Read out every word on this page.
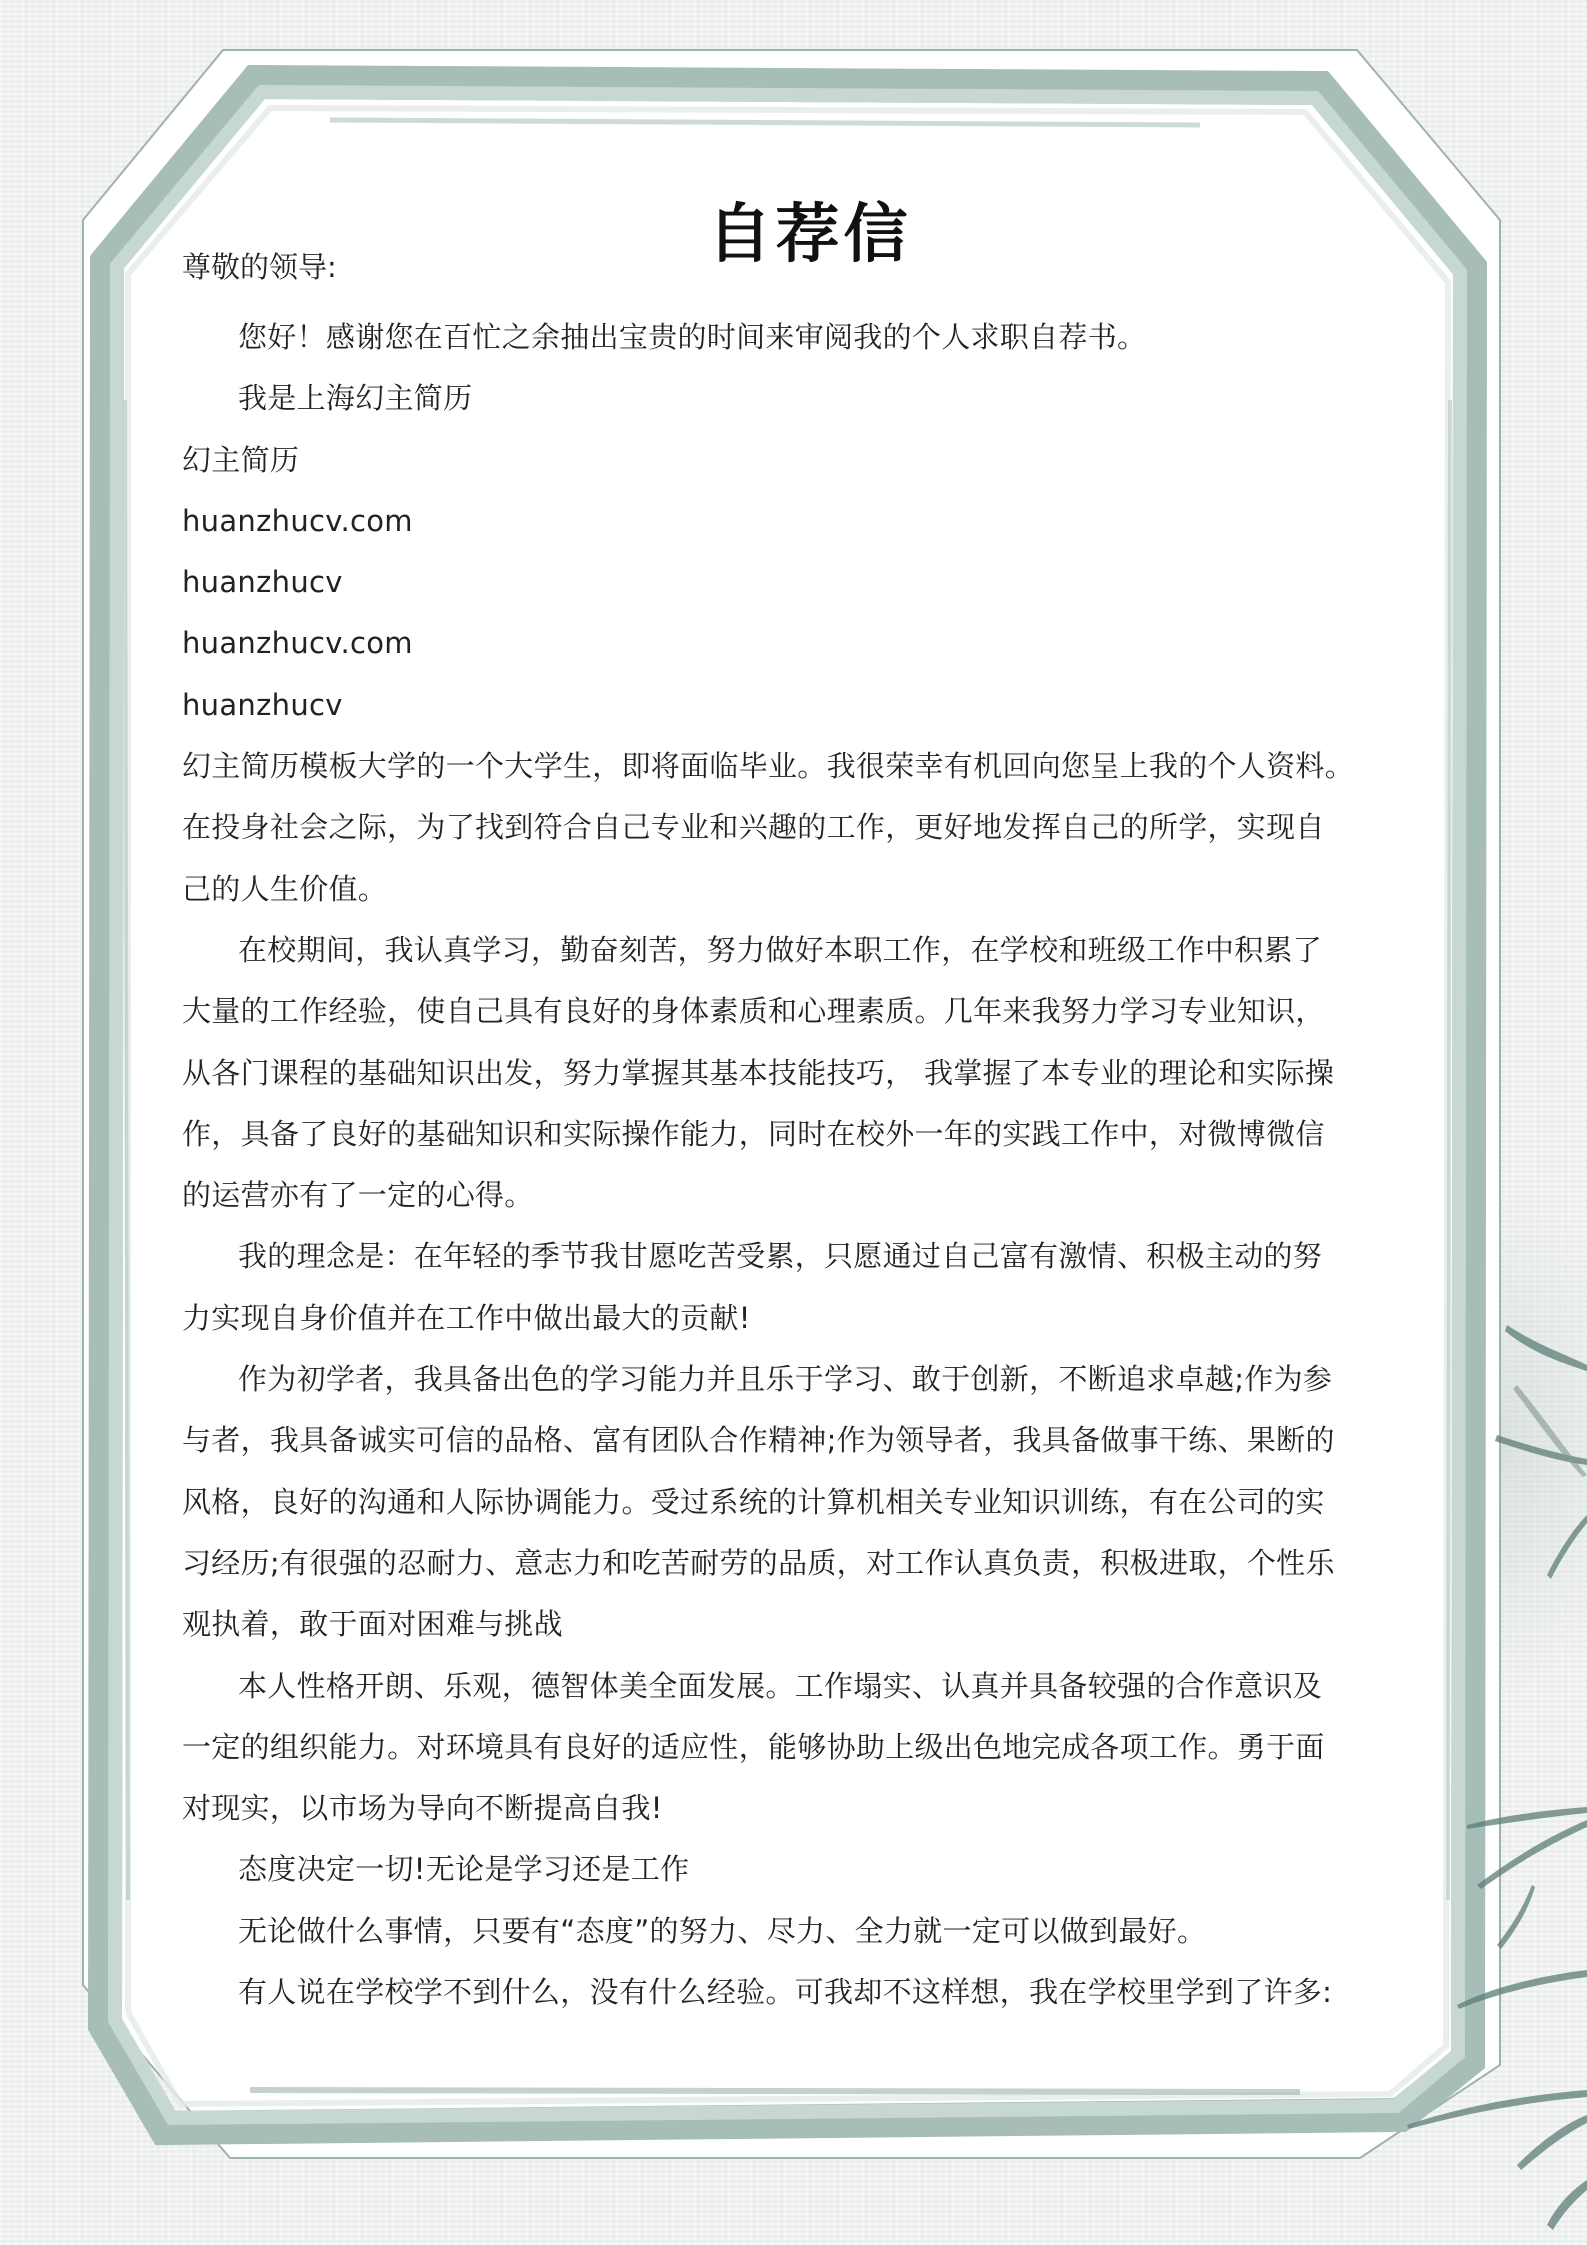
自荐信
尊敬的领导:
您好！感谢您在百忙之余抽出宝贵的时间来审阅我的个人求职自荐书。
我是上海幻主简历
幻主简历
huanzhucv.com
huanzhucv
huanzhucv.com
huanzhucv
幻主简历模板大学的一个大学生，即将面临毕业。我很荣幸有机回向您呈上我的个人资料。
在投身社会之际，为了找到符合自己专业和兴趣的工作，更好地发挥自己的所学，实现自
己的人生价值。
在校期间，我认真学习，勤奋刻苦，努力做好本职工作，在学校和班级工作中积累了
大量的工作经验，使自己具有良好的身体素质和心理素质。几年来我努力学习专业知识，
从各门课程的基础知识出发，努力掌握其基本技能技巧， 我掌握了本专业的理论和实际操
作，具备了良好的基础知识和实际操作能力，同时在校外一年的实践工作中，对微博微信
的运营亦有了一定的心得。
我的理念是：在年轻的季节我甘愿吃苦受累，只愿通过自己富有激情、积极主动的努
力实现自身价值并在工作中做出最大的贡献!
作为初学者，我具备出色的学习能力并且乐于学习、敢于创新，不断追求卓越;作为参
与者，我具备诚实可信的品格、富有团队合作精神;作为领导者，我具备做事干练、果断的
风格，良好的沟通和人际协调能力。受过系统的计算机相关专业知识训练，有在公司的实
习经历;有很强的忍耐力、意志力和吃苦耐劳的品质，对工作认真负责，积极进取，个性乐
观执着，敢于面对困难与挑战
本人性格开朗、乐观，德智体美全面发展。工作塌实、认真并具备较强的合作意识及
一定的组织能力。对环境具有良好的适应性，能够协助上级出色地完成各项工作。勇于面
对现实，以市场为导向不断提高自我!
态度决定一切!无论是学习还是工作
无论做什么事情，只要有“态度”的努力、尽力、全力就一定可以做到最好。
有人说在学校学不到什么，没有什么经验。可我却不这样想，我在学校里学到了许多:
